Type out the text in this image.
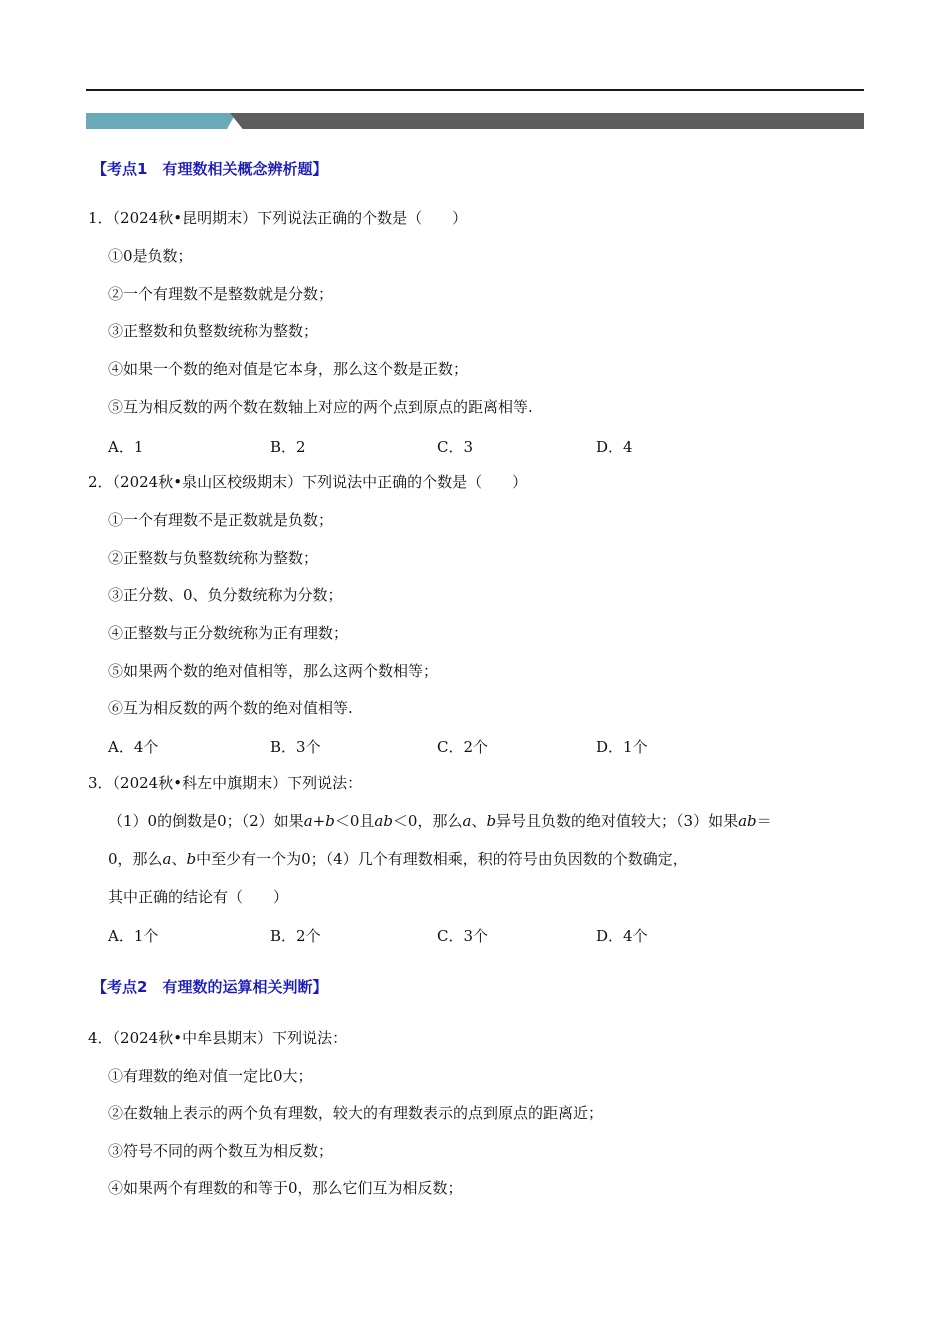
【考点1　有理数相关概念辨析题】
1．（2024秋•昆明期末）下列说法正确的个数是（　　）
①0是负数；
②一个有理数不是整数就是分数；
③正整数和负整数统称为整数；
④如果一个数的绝对值是它本身，那么这个数是正数；
⑤互为相反数的两个数在数轴上对应的两个点到原点的距离相等.
A．1	B．2	C．3	D．4
2．（2024秋•泉山区校级期末）下列说法中正确的个数是（　　）
①一个有理数不是正数就是负数；
②正整数与负整数统称为整数；
③正分数、0、负分数统称为分数；
④正整数与正分数统称为正有理数；
⑤如果两个数的绝对值相等，那么这两个数相等；
⑥互为相反数的两个数的绝对值相等.
A．4个	B．3个	C．2个	D．1个
3．（2024秋•科左中旗期末）下列说法：
（1）0的倒数是0；（2）如果a+b＜0且ab＜0，那么a、b异号且负数的绝对值较大；（3）如果ab＝
0，那么a、b中至少有一个为0；（4）几个有理数相乘，积的符号由负因数的个数确定，
其中正确的结论有（　　）
A．1个	B．2个	C．3个	D．4个
【考点2　有理数的运算相关判断】
4．（2024秋•中牟县期末）下列说法：
①有理数的绝对值一定比0大；
②在数轴上表示的两个负有理数，较大的有理数表示的点到原点的距离近；
③符号不同的两个数互为相反数；
④如果两个有理数的和等于0，那么它们互为相反数；
